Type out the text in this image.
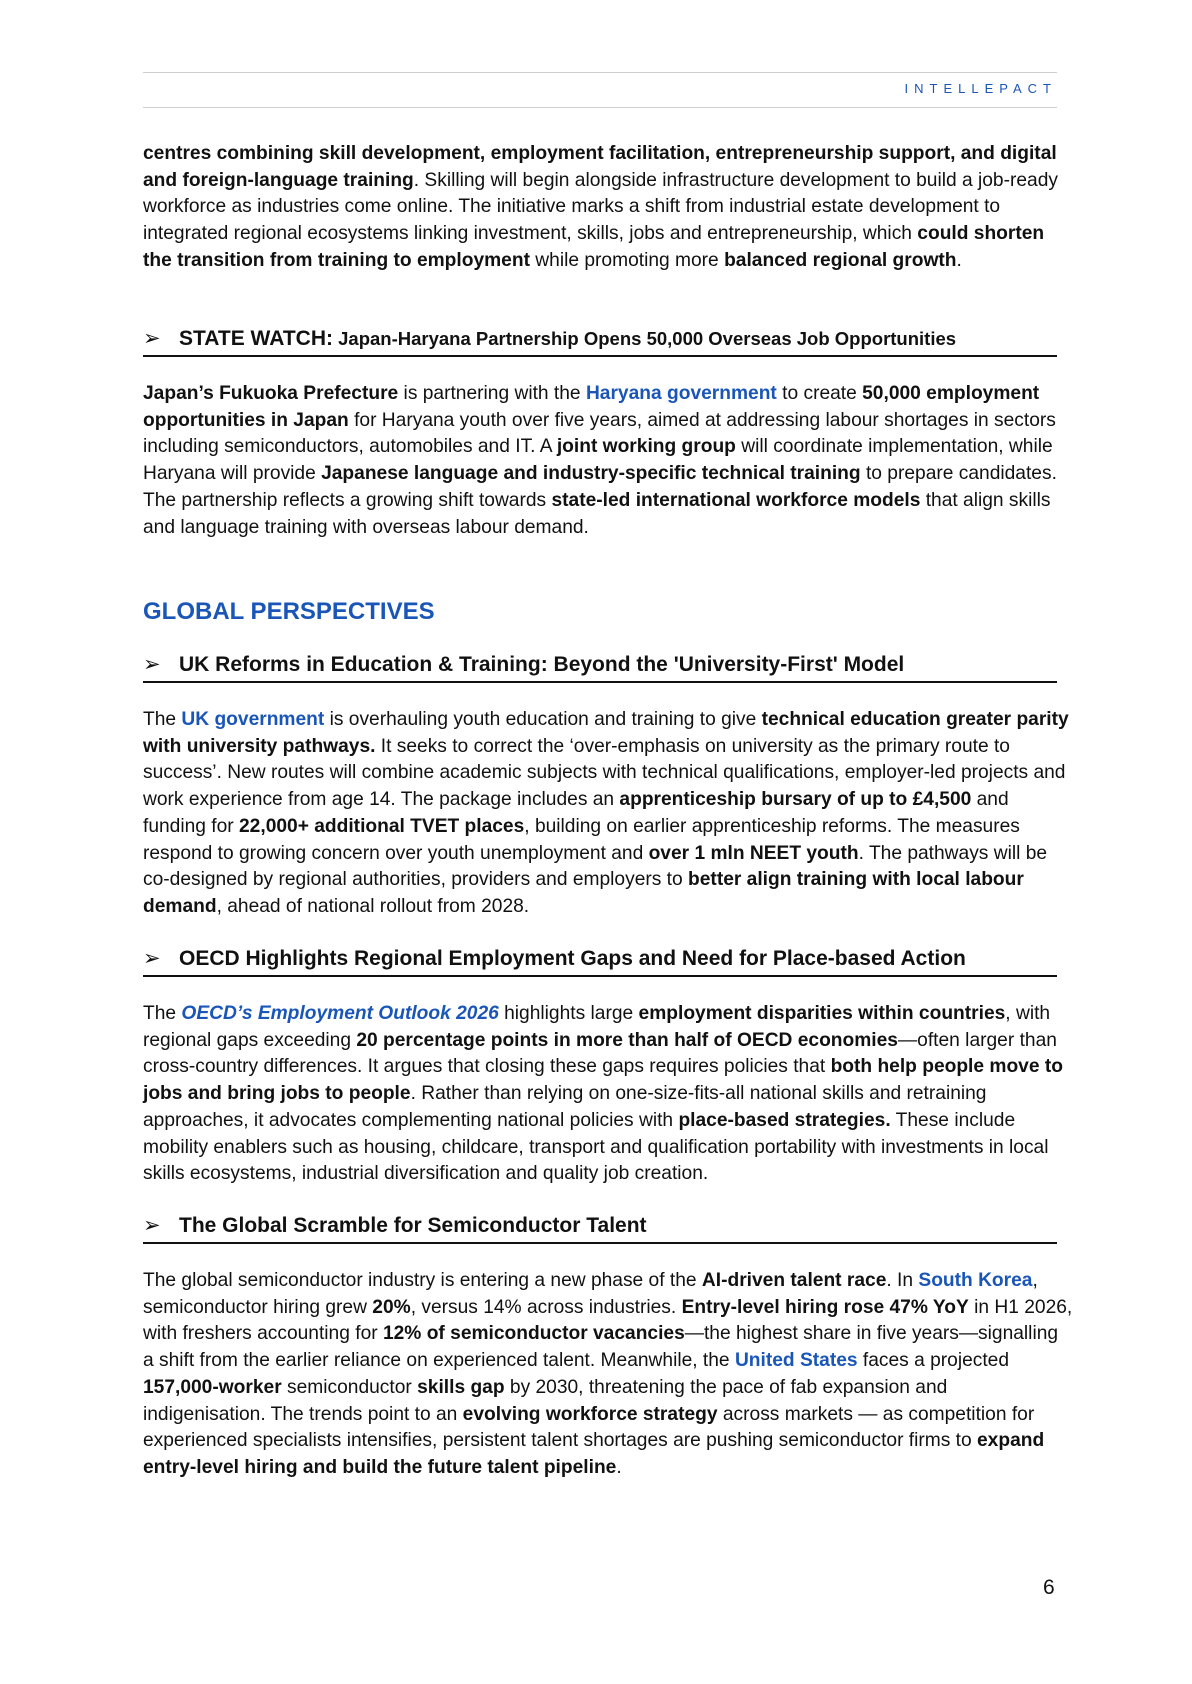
INTELLEPACT

centres combining skill development, employment facilitation, entrepreneurship support, and digital and foreign-language training. Skilling will begin alongside infrastructure development to build a job-ready workforce as industries come online. The initiative marks a shift from industrial estate development to integrated regional ecosystems linking investment, skills, jobs and entrepreneurship, which could shorten the transition from training to employment while promoting more balanced regional growth.

➢ STATE WATCH: Japan-Haryana Partnership Opens 50,000 Overseas Job Opportunities

Japan’s Fukuoka Prefecture is partnering with the Haryana government to create 50,000 employment opportunities in Japan for Haryana youth over five years, aimed at addressing labour shortages in sectors including semiconductors, automobiles and IT. A joint working group will coordinate implementation, while Haryana will provide Japanese language and industry-specific technical training to prepare candidates. The partnership reflects a growing shift towards state-led international workforce models that align skills and language training with overseas labour demand.

GLOBAL PERSPECTIVES
➢ UK Reforms in Education & Training: Beyond the 'University-First' Model

The UK government is overhauling youth education and training to give technical education greater parity with university pathways. It seeks to correct the ‘over-emphasis on university as the primary route to success’. New routes will combine academic subjects with technical qualifications, employer-led projects and work experience from age 14. The package includes an apprenticeship bursary of up to £4,500 and funding for 22,000+ additional TVET places, building on earlier apprenticeship reforms. The measures respond to growing concern over youth unemployment and over 1 mln NEET youth. The pathways will be co-designed by regional authorities, providers and employers to better align training with local labour demand, ahead of national rollout from 2028.

➢ OECD Highlights Regional Employment Gaps and Need for Place-based Action

The OECD’s Employment Outlook 2026 highlights large employment disparities within countries, with regional gaps exceeding 20 percentage points in more than half of OECD economies—often larger than cross-country differences. It argues that closing these gaps requires policies that both help people move to jobs and bring jobs to people. Rather than relying on one-size-fits-all national skills and retraining approaches, it advocates complementing national policies with place-based strategies. These include mobility enablers such as housing, childcare, transport and qualification portability with investments in local skills ecosystems, industrial diversification and quality job creation.

➢ The Global Scramble for Semiconductor Talent

The global semiconductor industry is entering a new phase of the AI-driven talent race. In South Korea, semiconductor hiring grew 20%, versus 14% across industries. Entry-level hiring rose 47% YoY in H1 2026, with freshers accounting for 12% of semiconductor vacancies—the highest share in five years—signalling a shift from the earlier reliance on experienced talent. Meanwhile, the United States faces a projected 157,000-worker semiconductor skills gap by 2030, threatening the pace of fab expansion and indigenisation. The trends point to an evolving workforce strategy across markets — as competition for experienced specialists intensifies, persistent talent shortages are pushing semiconductor firms to expand entry-level hiring and build the future talent pipeline.

6
